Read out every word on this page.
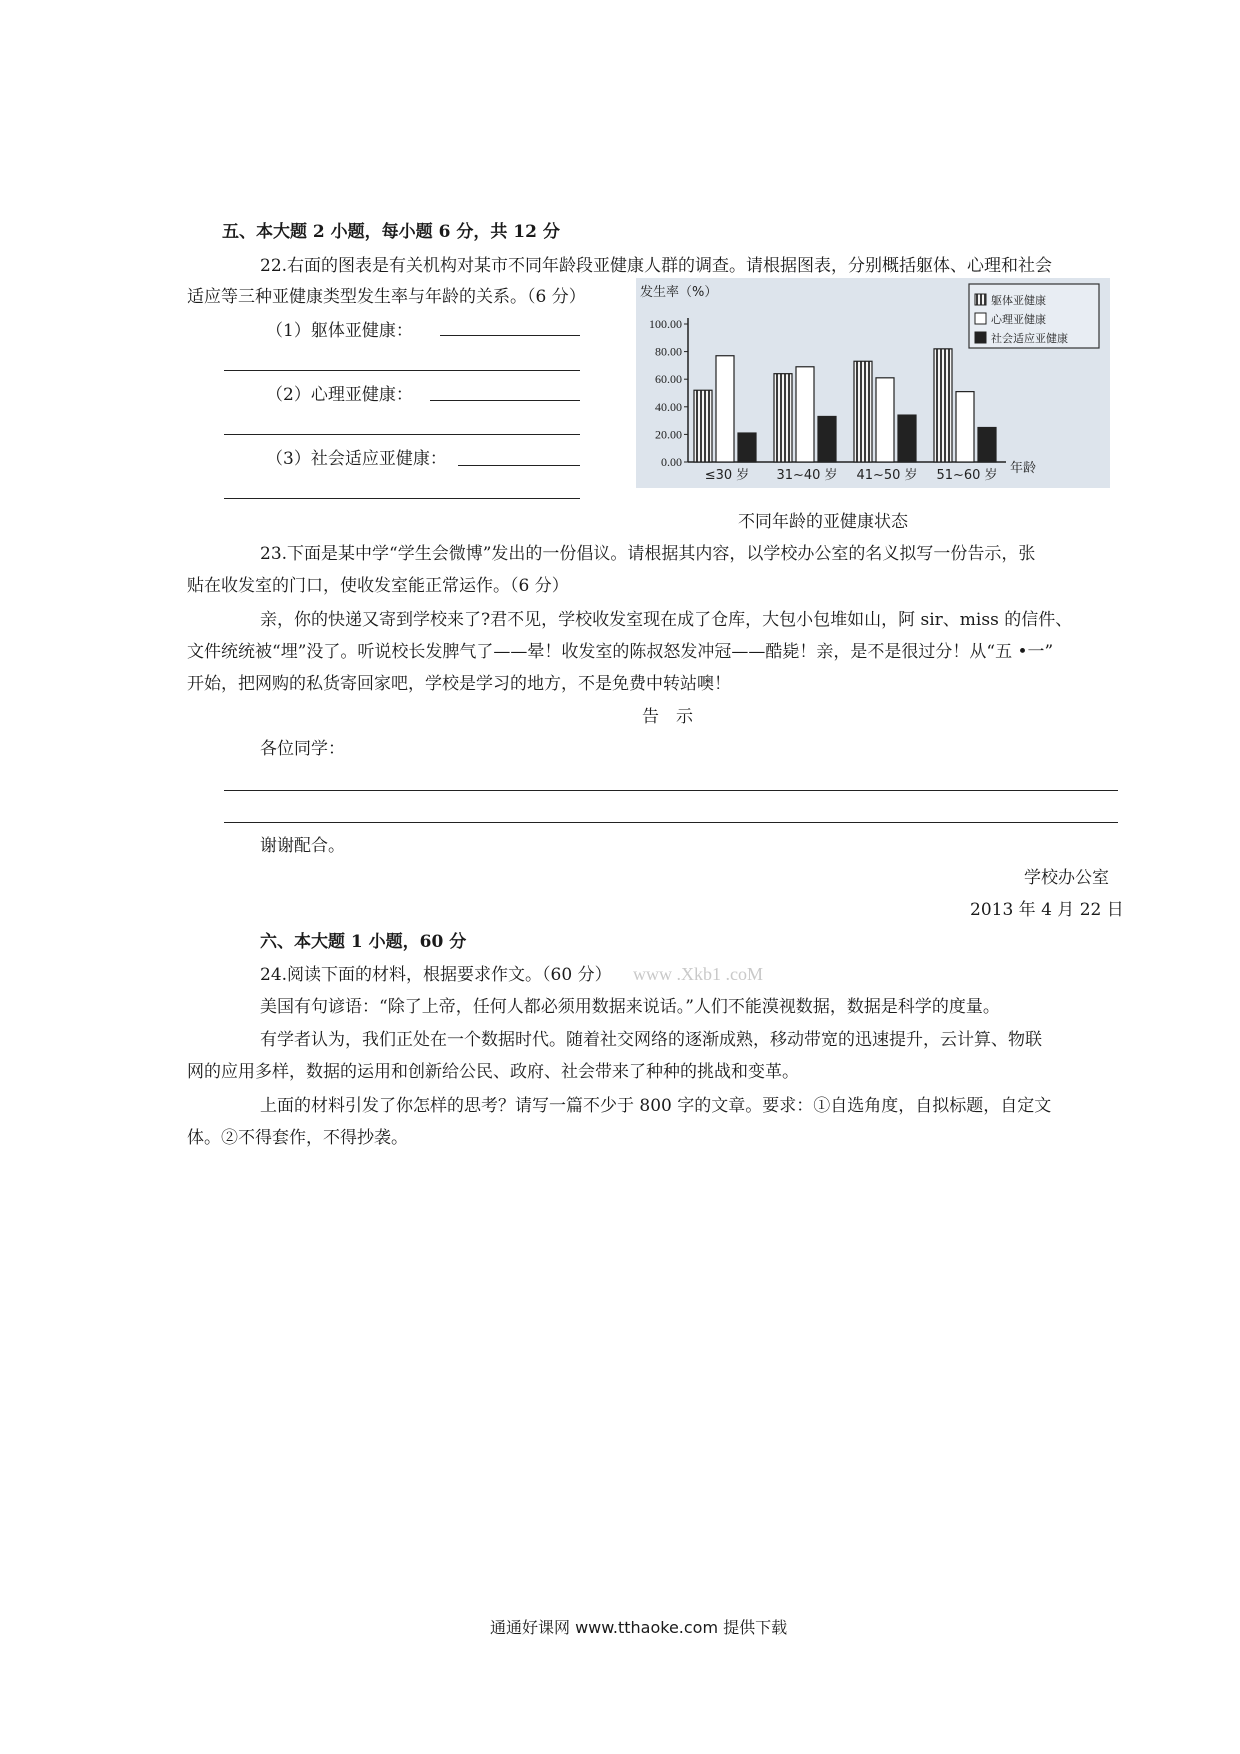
五、本大题 2 小题，每小题 6 分，共 12 分
22.右面的图表是有关机构对某市不同年龄段亚健康人群的调查。请根据图表，分别概括躯体、心理和社会
适应等三种亚健康类型发生率与年龄的关系。（6 分）
（1）躯体亚健康：
（2）心理亚健康：
（3）社会适应亚健康：	0.00
20.00
40.00
60.00
80.00
100.00
发生率（%）
≤30 岁 31~40 岁 41~50 岁 51~60 岁 年龄
躯体亚健康
心理亚健康
社会适应亚健康
不同年龄的亚健康状态
23.下面是某中学“学生会微博”发出的一份倡议。请根据其内容，以学校办公室的名义拟写一份告示，张
贴在收发室的门口，使收发室能正常运作。（6 分）
亲，你的快递又寄到学校来了?君不见，学校收发室现在成了仓库，大包小包堆如山，阿 sir、miss 的信件、
文件统统被“埋”没了。听说校长发脾气了——晕！收发室的陈叔怒发冲冠——酷毙！亲，是不是很过分！从“五 •一”
开始，把网购的私货寄回家吧，学校是学习的地方，不是免费中转站噢！
告　示
各位同学：
谢谢配合。
学校办公室
2013 年 4 月 22 日
六、本大题 1 小题，60 分
24.阅读下面的材料，根据要求作文。（60 分） www .Xkb1 .coM
美国有句谚语：“除了上帝，任何人都必须用数据来说话。”人们不能漠视数据，数据是科学的度量。
有学者认为，我们正处在一个数据时代。随着社交网络的逐渐成熟，移动带宽的迅速提升，云计算、物联
网的应用多样，数据的运用和创新给公民、政府、社会带来了种种的挑战和变革。
上面的材料引发了你怎样的思考？请写一篇不少于 800 字的文章。要求：①自选角度，自拟标题，自定文
体。②不得套作，不得抄袭。
通通好课网 www.tthaoke.com 提供下载
